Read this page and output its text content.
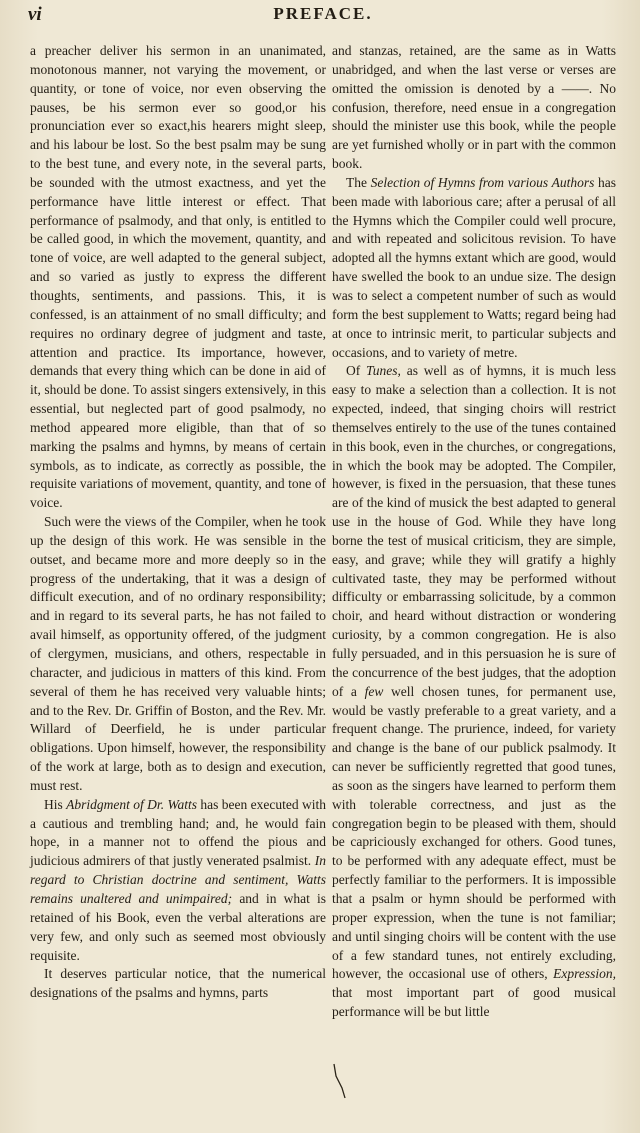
vi	PREFACE.

a preacher deliver his sermon in an unanimated, monotonous manner, not varying the movement, or quantity, or tone of voice, nor even observing the pauses, be his sermon ever so good,or his pronunciation ever so exact,his hearers might sleep, and his labour be lost. So the best psalm may be sung to the best tune, and every note, in the several parts, be sounded with the utmost exactness, and yet the performance have little interest or effect. That performance of psalmody, and that only, is entitled to be called good, in which the movement, quantity, and tone of voice, are well adapted to the general subject, and so varied as justly to express the different thoughts, sentiments, and passions. This, it is confessed, is an attainment of no small difficulty; and requires no ordinary degree of judgment and taste, attention and practice. Its importance, however, demands that every thing which can be done in aid of it, should be done. To assist singers extensively, in this essential, but neglected part of good psalmody, no method appeared more eligible, than that of so marking the psalms and hymns, by means of certain symbols, as to indicate, as correctly as possible, the requisite variations of movement, quantity, and tone of voice.

Such were the views of the Compiler, when he took up the design of this work. He was sensible in the outset, and became more and more deeply so in the progress of the undertaking, that it was a design of difficult execution, and of no ordinary responsibility; and in regard to its several parts, he has not failed to avail himself, as opportunity offered, of the judgment of clergymen, musicians, and others, respectable in character, and judicious in matters of this kind. From several of them he has received very valuable hints; and to the Rev. Dr. Griffin of Boston, and the Rev. Mr. Willard of Deerfield, he is under particular obligations. Upon himself, however, the responsibility of the work at large, both as to design and execution, must rest.

His Abridgment of Dr. Watts has been executed with a cautious and trembling hand; and, he would fain hope, in a manner not to offend the pious and judicious admirers of that justly venerated psalmist. In regard to Christian doctrine and sentiment, Watts remains unaltered and unimpaired; and in what is retained of his Book, even the verbal alterations are very few, and only such as seemed most obviously requisite.

It deserves particular notice, that the numerical designations of the psalms and hymns, parts

and stanzas, retained, are the same as in Watts unabridged, and when the last verse or verses are omitted the omission is denoted by a ——. No confusion, therefore, need ensue in a congregation should the minister use this book, while the people are yet furnished wholly or in part with the common book.

The Selection of Hymns from various Authors has been made with laborious care; after a perusal of all the Hymns which the Compiler could well procure, and with repeated and solicitous revision. To have adopted all the hymns extant which are good, would have swelled the book to an undue size. The design was to select a competent number of such as would form the best supplement to Watts; regard being had at once to intrinsic merit, to particular subjects and occasions, and to variety of metre.

Of Tunes, as well as of hymns, it is much less easy to make a selection than a collection. It is not expected, indeed, that singing choirs will restrict themselves entirely to the use of the tunes contained in this book, even in the churches, or congregations, in which the book may be adopted. The Compiler, however, is fixed in the persuasion, that these tunes are of the kind of musick the best adapted to general use in the house of God. While they have long borne the test of musical criticism, they are simple, easy, and grave; while they will gratify a highly cultivated taste, they may be performed without difficulty or embarrassing solicitude, by a common choir, and heard without distraction or wondering curiosity, by a common congregation. He is also fully persuaded, and in this persuasion he is sure of the concurrence of the best judges, that the adoption of a few well chosen tunes, for permanent use, would be vastly preferable to a great variety, and a frequent change. The prurience, indeed, for variety and change is the bane of our publick psalmody. It can never be sufficiently regretted that good tunes, as soon as the singers have learned to perform them with tolerable correctness, and just as the congregation begin to be pleased with them, should be capriciously exchanged for others. Good tunes, to be performed with any adequate effect, must be perfectly familiar to the performers. It is impossible that a psalm or hymn should be performed with proper expression, when the tune is not familiar; and until singing choirs will be content with the use of a few standard tunes, not entirely excluding, however, the occasional use of others, Expression, that most important part of good musical performance will be but little
